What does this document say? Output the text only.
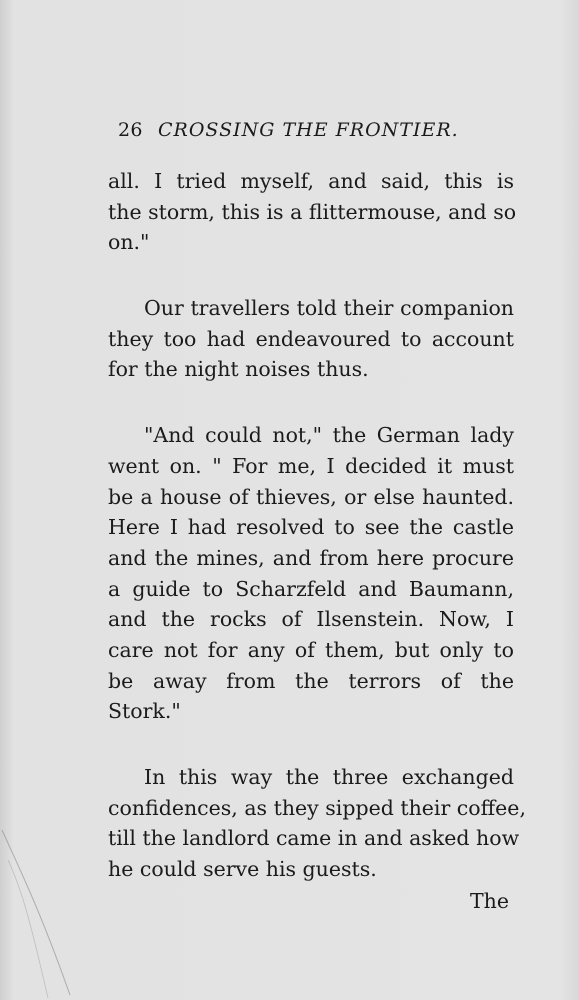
26 CROSSING THE FRONTIER.
all. I tried myself, and said, this is
the storm, this is a flittermouse, and so
on."
Our travellers told their companion
they too had endeavoured to account
for the night noises thus.
"And could not," the German lady
went on. " For me, I decided it must
be a house of thieves, or else haunted.
Here I had resolved to see the castle
and the mines, and from here procure
a guide to Scharzfeld and Baumann,
and the rocks of Ilsenstein. Now, I
care not for any of them, but only to
be away from the terrors of the
Stork."
In this way the three exchanged
confidences, as they sipped their coffee,
till the landlord came in and asked how
he could serve his guests.
The
